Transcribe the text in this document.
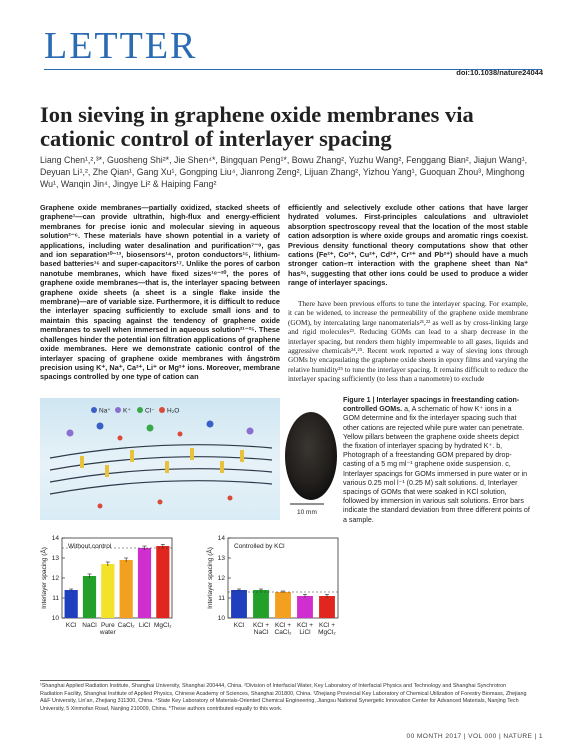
LETTER
doi:10.1038/nature24044
Ion sieving in graphene oxide membranes via cationic control of interlayer spacing
Liang Chen¹,²,³*, Guosheng Shi²*, Jie Shen⁴*, Bingquan Peng¹*, Bowu Zhang², Yuzhu Wang², Fenggang Bian², Jiajun Wang¹, Deyuan Li¹,², Zhe Qian¹, Gang Xu¹, Gongping Liu⁴, Jianrong Zeng², Lijuan Zhang², Yizhou Yang¹, Guoquan Zhou³, Minghong Wu¹, Wanqin Jin⁴, Jingye Li² & Haiping Fang²

Graphene oxide membranes—partially oxidized, stacked sheets of graphene¹—can provide ultrathin, high-flux and energy-efficient membranes for precise ionic and molecular sieving in aqueous solution²⁻⁶. These materials have shown potential in a variety of applications, including water desalination and purification⁷⁻⁹, gas and ion separation¹⁰⁻¹³, biosensors¹⁴, proton conductors¹⁵, lithium-based batteries¹⁶ and super-capacitors¹⁷. Unlike the pores of carbon nanotube membranes, which have fixed sizes¹⁸⁻²⁰, the pores of graphene oxide membranes—that is, the interlayer spacing between graphene oxide sheets (a sheet is a single flake inside the membrane)—are of variable size. Furthermore, it is difficult to reduce the interlayer spacing sufficiently to exclude small ions and to maintain this spacing against the tendency of graphene oxide membranes to swell when immersed in aqueous solution²¹⁻²⁵. These challenges hinder the potential ion filtration applications of graphene oxide membranes. Here we demonstrate cationic control of the interlayer spacing of graphene oxide membranes with ångström precision using K⁺, Na⁺, Ca²⁺, Li⁺ or Mg²⁺ ions. Moreover, membrane spacings controlled by one type of cation can

efficiently and selectively exclude other cations that have larger hydrated volumes. First-principles calculations and ultraviolet absorption spectroscopy reveal that the location of the most stable cation adsorption is where oxide groups and aromatic rings coexist. Previous density functional theory computations show that other cations (Fe²⁺, Co²⁺, Cu²⁺, Cd²⁺, Cr²⁺ and Pb²⁺) should have a much stronger cation–π interaction with the graphene sheet than Na⁺ has²⁶, suggesting that other ions could be used to produce a wider range of interlayer spacings.

There have been previous efforts to tune the interlayer spacing. For example, it can be widened, to increase the permeability of the graphene oxide membrane (GOM), by intercalating large nanomaterials²¹,²² as well as by cross-linking large and rigid molecules²³. Reducing GOMs can lead to a sharp decrease in the interlayer spacing, but renders them highly impermeable to all gases, liquids and aggressive chemicals²⁴,²⁵. Recent work reported a way of sieving ions through GOMs by encapsulating the graphene oxide sheets in epoxy films and varying the relative humidity²⁵ to tune the interlayer spacing. It remains difficult to reduce the interlayer spacing sufficiently (to less than a nanometre) to exclude

Na⁺ K⁺ Cl⁻ H₂O
10 mm
Figure 1 | Interlayer spacings in freestanding cation-controlled GOMs. a, A schematic of how K⁺ ions in a GOM determine and fix the interlayer spacing such that other cations are rejected while pure water can penetrate. Yellow pillars between the graphene oxide sheets depict the fixation of interlayer spacing by hydrated K⁺. b, Photograph of a freestanding GOM prepared by drop-casting of a 5 mg ml⁻¹ graphene oxide suspension. c, Interlayer spacings for GOMs immersed in pure water or in various 0.25 mol l⁻¹ (0.25 M) salt solutions. d, Interlayer spacings of GOMs that were soaked in KCl solution, followed by immersion in various salt solutions. Error bars indicate the standard deviation from three different points of a sample.
c	d
10
11
12
13
14
Interlayer spacing (Å)
Without control
KCl NaCl Pure
water
CaCl₂ LiCl MgCl₂
10
11
12
13
14
Interlayer spacing (Å)
Controlled by KCl
KCl KCl +
NaCl
KCl +
CaCl₂
KCl +
LiCl
KCl +
MgCl₂
¹Shanghai Applied Radiation Institute, Shanghai University, Shanghai 200444, China. ²Division of Interfacial Water, Key Laboratory of Interfacial Physics and Technology and Shanghai Synchrotron Radiation Facility, Shanghai Institute of Applied Physics, Chinese Academy of Sciences, Shanghai 201800, China. ³Zhejiang Provincial Key Laboratory of Chemical Utilization of Forestry Biomass, Zhejiang A&F University, Lin'an, Zhejiang 311300, China. ⁴State Key Laboratory of Materials-Oriented Chemical Engineering, Jiangsu National Synergetic Innovation Center for Advanced Materials, Nanjing Tech University, 5 Xinmofan Road, Nanjing 210009, China. *These authors contributed equally to this work.
00 MONTH 2017 | VOL 000 | NATURE | 1
